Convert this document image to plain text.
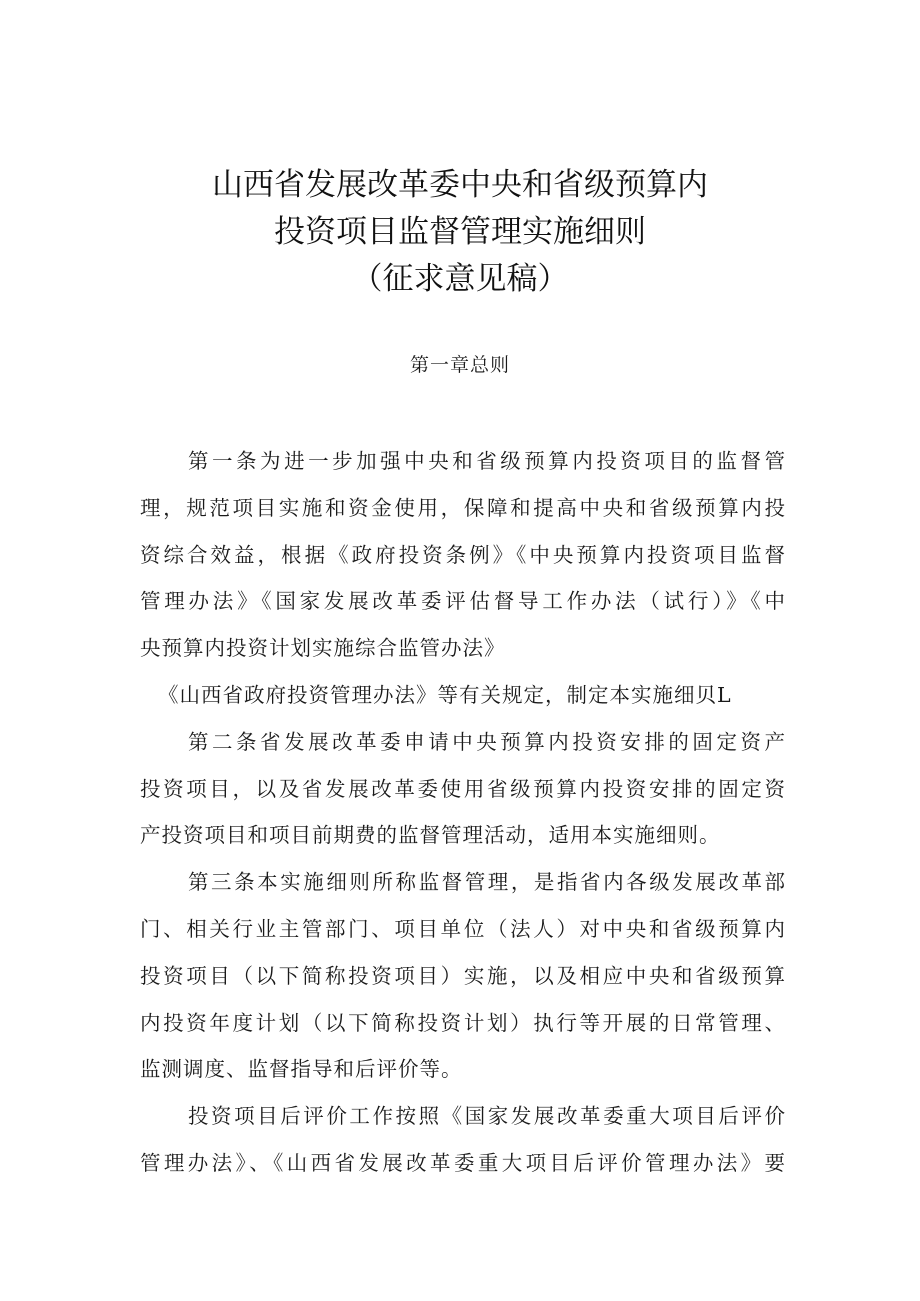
山西省发展改革委中央和省级预算内
投资项目监督管理实施细则
（征求意见稿）
第一章总则
第一条为进一步加强中央和省级预算内投资项目的监督管
理，规范项目实施和资金使用，保障和提高中央和省级预算内投
资综合效益，根据《政府投资条例》《中央预算内投资项目监督
管理办法》《国家发展改革委评估督导工作办法（试行）》《中
央预算内投资计划实施综合监管办法》
《山西省政府投资管理办法》等有关规定，制定本实施细贝L
第二条省发展改革委申请中央预算内投资安排的固定资产
投资项目，以及省发展改革委使用省级预算内投资安排的固定资
产投资项目和项目前期费的监督管理活动，适用本实施细则。
第三条本实施细则所称监督管理，是指省内各级发展改革部
门、相关行业主管部门、项目单位（法人）对中央和省级预算内
投资项目（以下简称投资项目）实施，以及相应中央和省级预算
内投资年度计划（以下简称投资计划）执行等开展的日常管理、
监测调度、监督指导和后评价等。
投资项目后评价工作按照《国家发展改革委重大项目后评价
管理办法》、《山西省发展改革委重大项目后评价管理办法》要
